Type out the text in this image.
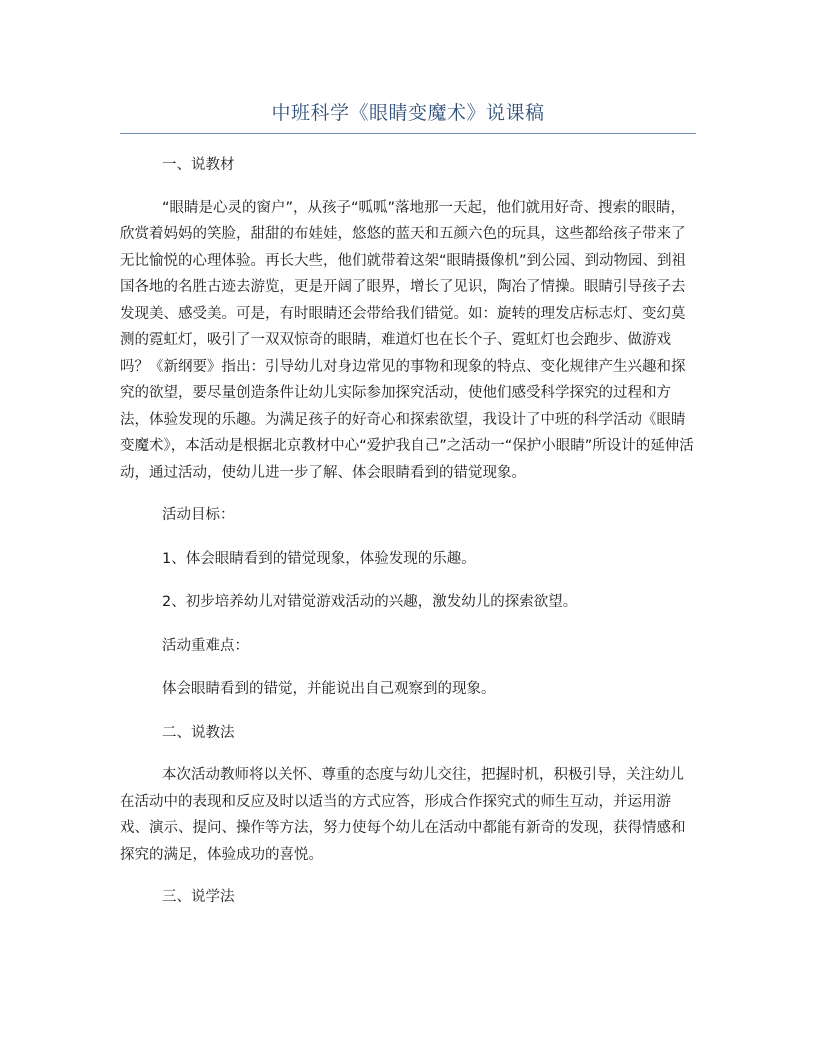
中班科学《眼睛变魔术》说课稿

一、说教材

“眼睛是心灵的窗户”，从孩子“呱呱”落地那一天起，他们就用好奇、搜索的眼睛，欣赏着妈妈的笑脸，甜甜的布娃娃，悠悠的蓝天和五颜六色的玩具，这些都给孩子带来了无比愉悦的心理体验。再长大些，他们就带着这架“眼睛摄像机”到公园、到动物园、到祖国各地的名胜古迹去游览，更是开阔了眼界，增长了见识，陶冶了情操。眼睛引导孩子去发现美、感受美。可是，有时眼睛还会带给我们错觉。如：旋转的理发店标志灯、变幻莫测的霓虹灯，吸引了一双双惊奇的眼睛，难道灯也在长个子、霓虹灯也会跑步、做游戏吗？《新纲要》指出：引导幼儿对身边常见的事物和现象的特点、变化规律产生兴趣和探究的欲望，要尽量创造条件让幼儿实际参加探究活动，使他们感受科学探究的过程和方法，体验发现的乐趣。为满足孩子的好奇心和探索欲望，我设计了中班的科学活动《眼睛变魔术》，本活动是根据北京教材中心“爱护我自己”之活动一“保护小眼睛”所设计的延伸活动，通过活动，使幼儿进一步了解、体会眼睛看到的错觉现象。

活动目标：

1、体会眼睛看到的错觉现象，体验发现的乐趣。

2、初步培养幼儿对错觉游戏活动的兴趣，激发幼儿的探索欲望。

活动重难点：

体会眼睛看到的错觉，并能说出自己观察到的现象。

二、说教法

本次活动教师将以关怀、尊重的态度与幼儿交往，把握时机，积极引导，关注幼儿在活动中的表现和反应及时以适当的方式应答，形成合作探究式的师生互动，并运用游戏、演示、提问、操作等方法，努力使每个幼儿在活动中都能有新奇的发现，获得情感和探究的满足，体验成功的喜悦。

三、说学法
